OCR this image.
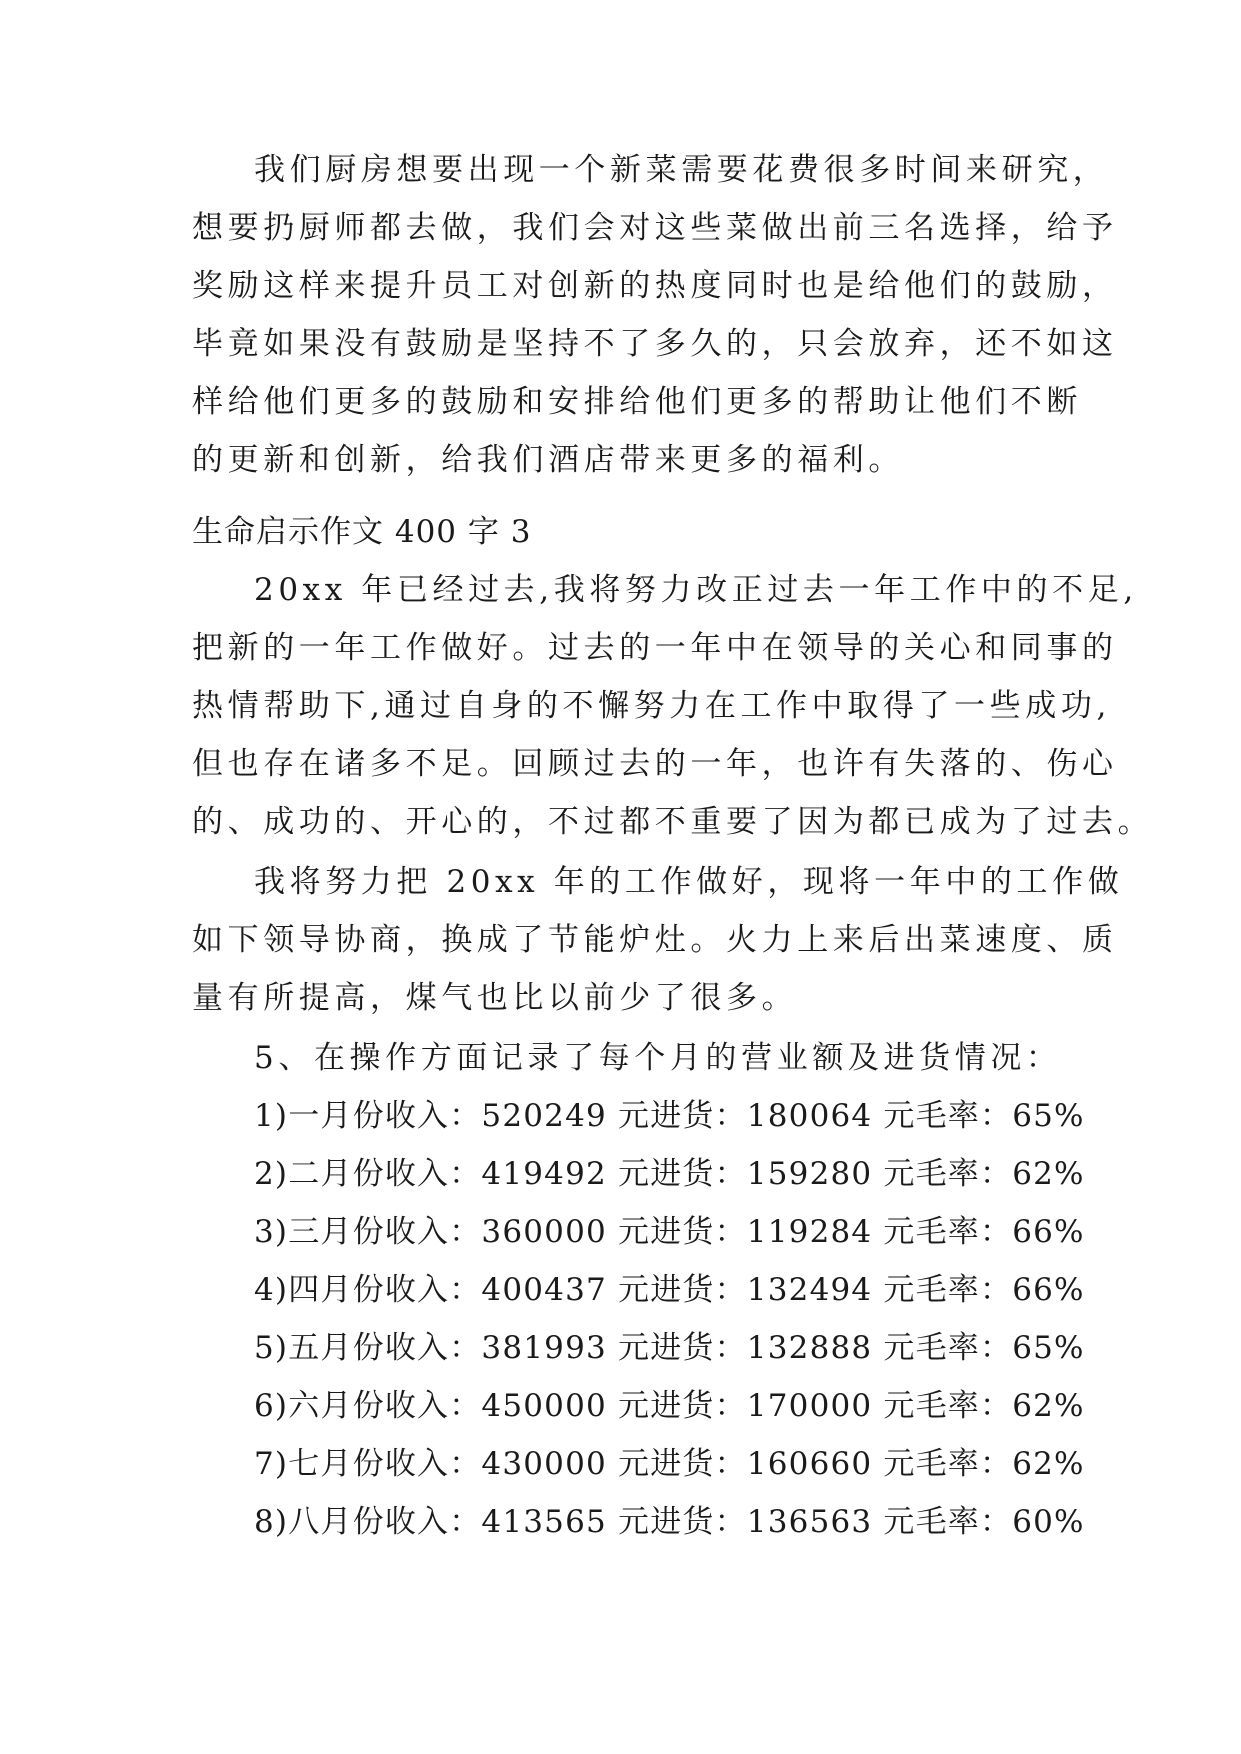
我们厨房想要出现一个新菜需要花费很多时间来研究，
想要扔厨师都去做，我们会对这些菜做出前三名选择，给予
奖励这样来提升员工对创新的热度同时也是给他们的鼓励，
毕竟如果没有鼓励是坚持不了多久的，只会放弃，还不如这
样给他们更多的鼓励和安排给他们更多的帮助让他们不断
的更新和创新，给我们酒店带来更多的福利。
生命启示作文 400 字 3
20xx 年已经过去,我将努力改正过去一年工作中的不足,
把新的一年工作做好。过去的一年中在领导的关心和同事的
热情帮助下,通过自身的不懈努力在工作中取得了一些成功,
但也存在诸多不足。回顾过去的一年，也许有失落的、伤心
的、成功的、开心的，不过都不重要了因为都已成为了过去。
我将努力把 20xx 年的工作做好，现将一年中的工作做
如下领导协商，换成了节能炉灶。火力上来后出菜速度、质
量有所提高，煤气也比以前少了很多。
5、在操作方面记录了每个月的营业额及进货情况：
1)一月份收入：520249 元进货：180064 元毛率：65%
2)二月份收入：419492 元进货：159280 元毛率：62%
3)三月份收入：360000 元进货：119284 元毛率：66%
4)四月份收入：400437 元进货：132494 元毛率：66%
5)五月份收入：381993 元进货：132888 元毛率：65%
6)六月份收入：450000 元进货：170000 元毛率：62%
7)七月份收入：430000 元进货：160660 元毛率：62%
8)八月份收入：413565 元进货：136563 元毛率：60%
